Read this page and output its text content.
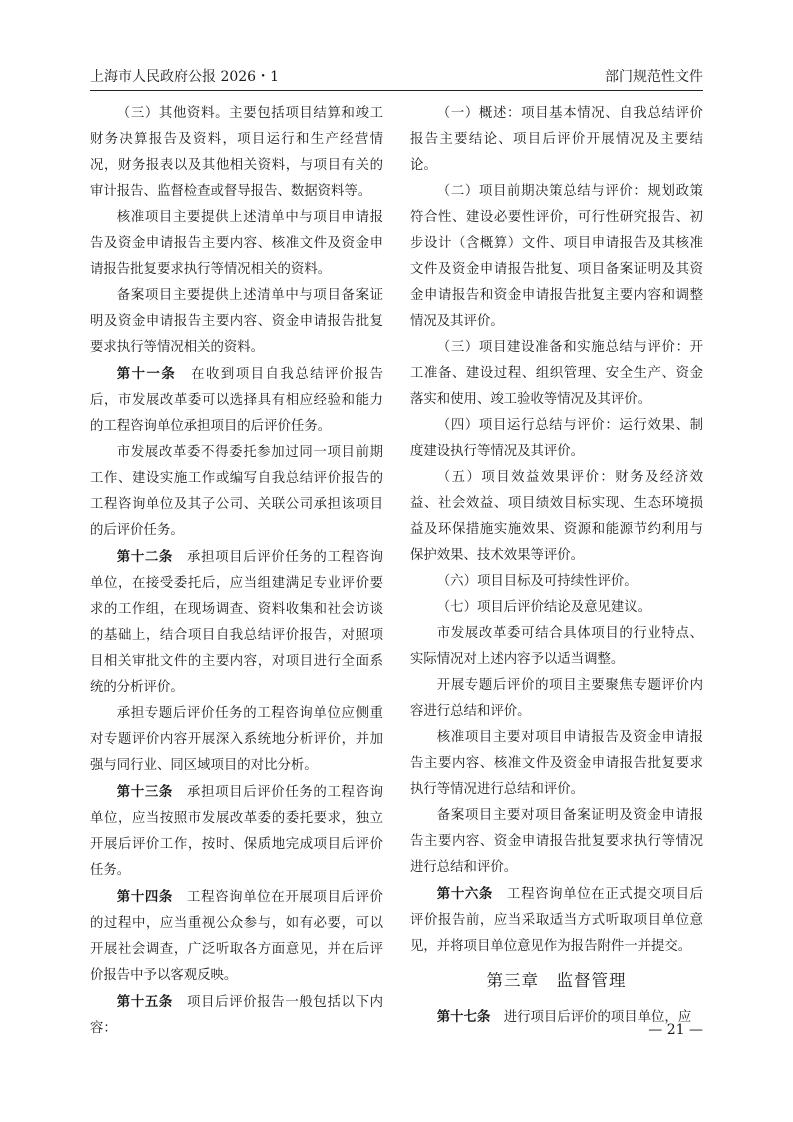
上海市人民政府公报 2026・1	部门规范性文件

（三）其他资料。主要包括项目结算和竣工财务决算报告及资料，项目运行和生产经营情况，财务报表以及其他相关资料，与项目有关的审计报告、监督检查或督导报告、数据资料等。

核准项目主要提供上述清单中与项目申请报告及资金申请报告主要内容、核准文件及资金申请报告批复要求执行等情况相关的资料。

备案项目主要提供上述清单中与项目备案证明及资金申请报告主要内容、资金申请报告批复要求执行等情况相关的资料。

第十一条　 在收到项目自我总结评价报告后，市发展改革委可以选择具有相应经验和能力的工程咨询单位承担项目的后评价任务。

市发展改革委不得委托参加过同一项目前期工作、建设实施工作或编写自我总结评价报告的工程咨询单位及其子公司、关联公司承担该项目的后评价任务。

第十二条　 承担项目后评价任务的工程咨询单位，在接受委托后，应当组建满足专业评价要求的工作组，在现场调查、资料收集和社会访谈的基础上，结合项目自我总结评价报告，对照项目相关审批文件的主要内容，对项目进行全面系统的分析评价。

承担专题后评价任务的工程咨询单位应侧重对专题评价内容开展深入系统地分析评价，并加强与同行业、同区域项目的对比分析。

第十三条　 承担项目后评价任务的工程咨询单位，应当按照市发展改革委的委托要求，独立开展后评价工作，按时、保质地完成项目后评价任务。

第十四条　 工程咨询单位在开展项目后评价的过程中，应当重视公众参与，如有必要，可以开展社会调查，广泛听取各方面意见，并在后评价报告中予以客观反映。

第十五条　 项目后评价报告一般包括以下内容：

（一）概述：项目基本情况、自我总结评价报告主要结论、项目后评价开展情况及主要结论。

（二）项目前期决策总结与评价：规划政策符合性、建设必要性评价，可行性研究报告、初步设计（含概算）文件、项目申请报告及其核准文件及资金申请报告批复、项目备案证明及其资金申请报告和资金申请报告批复主要内容和调整情况及其评价。

（三）项目建设准备和实施总结与评价：开工准备、建设过程、组织管理、安全生产、资金落实和使用、竣工验收等情况及其评价。

（四）项目运行总结与评价：运行效果、制度建设执行等情况及其评价。

（五）项目效益效果评价：财务及经济效益、社会效益、项目绩效目标实现、生态环境损益及环保措施实施效果、资源和能源节约利用与保护效果、技术效果等评价。

（六）项目目标及可持续性评价。

（七）项目后评价结论及意见建议。

市发展改革委可结合具体项目的行业特点、实际情况对上述内容予以适当调整。

开展专题后评价的项目主要聚焦专题评价内容进行总结和评价。

核准项目主要对项目申请报告及资金申请报告主要内容、核准文件及资金申请报告批复要求执行等情况进行总结和评价。

备案项目主要对项目备案证明及资金申请报告主要内容、资金申请报告批复要求执行等情况进行总结和评价。

第十六条　 工程咨询单位在正式提交项目后评价报告前，应当采取适当方式听取项目单位意见，并将项目单位意见作为报告附件一并提交。

第三章　监督管理

第十七条　 进行项目后评价的项目单位，应

— 21 —
